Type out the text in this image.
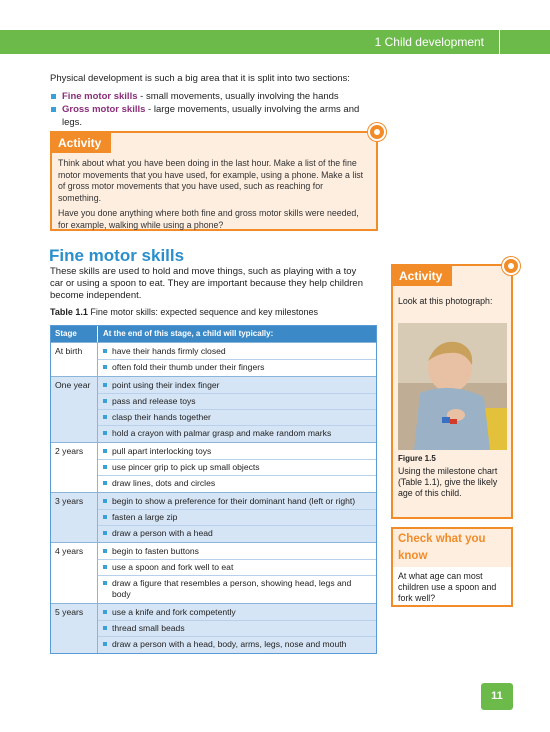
1 Child development

Physical development is such a big area that it is split into two sections:

Fine motor skills - small movements, usually involving the hands
Gross motor skills - large movements, usually involving the arms and legs.
Activity

Think about what you have been doing in the last hour. Make a list of the fine motor movements that you have used, for example, using a phone. Make a list of gross motor movements that you have used, such as reaching for something.

Have you done anything where both fine and gross motor skills were needed, for example, walking while using a phone?

Fine motor skills

These skills are used to hold and move things, such as playing with a toy car or using a spoon to eat. They are important because they help children become independent.

Table 1.1 Fine motor skills: expected sequence and key milestones

Stage	At the end of this stage, a child will typically:
At birth	have their hands firmly closed
often fold their thumb under their fingers
One year	point using their index finger
pass and release toys
clasp their hands together
hold a crayon with palmar grasp and make random marks
2 years	pull apart interlocking toys
use pincer grip to pick up small objects
draw lines, dots and circles
3 years	begin to show a preference for their dominant hand (left or right)
fasten a large zip
draw a person with a head
4 years	begin to fasten buttons
use a spoon and fork well to eat
draw a figure that resembles a person, showing head, legs and body
5 years	use a knife and fork competently
thread small beads
draw a person with a head, body, arms, legs, nose and mouth
Activity

Look at this photograph:

Figure 1.5

Using the milestone chart (Table 1.1), give the likely age of this child.

Check what you know

At what age can most children use a spoon and fork well?

11
